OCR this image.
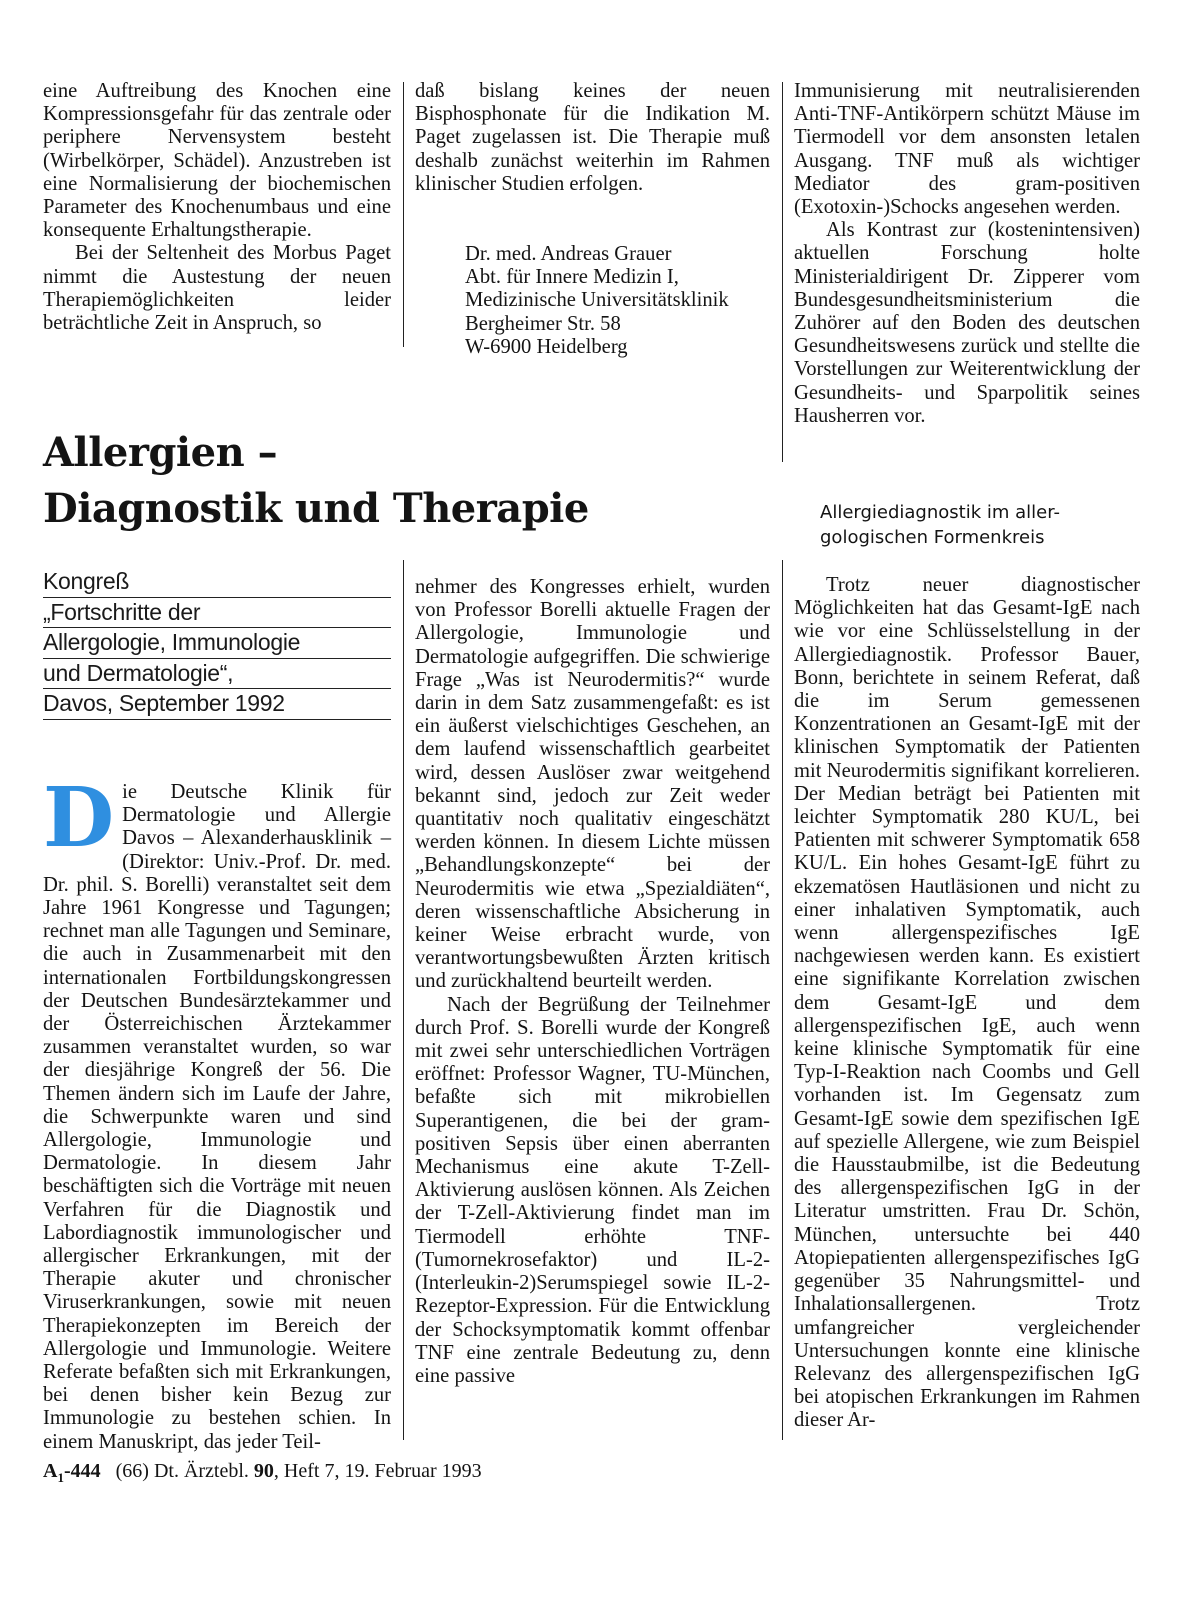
eine Auftreibung des Knochen eine Kompressionsgefahr für das zentrale oder periphere Nervensystem besteht (Wirbelkörper, Schädel). Anzustreben ist eine Normalisierung der biochemischen Parameter des Knochenumbaus und eine konsequente Erhaltungstherapie.

Bei der Seltenheit des Morbus Paget nimmt die Austestung der neuen Therapiemöglichkeiten leider beträchtliche Zeit in Anspruch, so

daß bislang keines der neuen Bisphosphonate für die Indikation M. Paget zugelassen ist. Die Therapie muß deshalb zunächst weiterhin im Rahmen klinischer Studien erfolgen.

Dr. med. Andreas Grauer
Abt. für Innere Medizin I,
Medizinische Universitätsklinik
Bergheimer Str. 58
W-6900 Heidelberg

Immunisierung mit neutralisierenden Anti-TNF-Antikörpern schützt Mäuse im Tiermodell vor dem ansonsten letalen Ausgang. TNF muß als wichtiger Mediator des gram-positiven (Exotoxin-)Schocks angesehen werden.

Als Kontrast zur (kostenintensiven) aktuellen Forschung holte Ministerialdirigent Dr. Zipperer vom Bundesgesundheitsministerium die Zuhörer auf den Boden des deutschen Gesundheitswesens zurück und stellte die Vorstellungen zur Weiterentwicklung der Gesundheits- und Sparpolitik seines Hausherren vor.

Allergien –
Diagnostik und Therapie
Kongreß
„Fortschritte der
Allergologie, Immunologie
und Dermatologie“,
Davos, September 1992

Die Deutsche Klinik für Dermatologie und Allergie Davos – Alexanderhausklinik – (Direktor: Univ.-Prof. Dr. med. Dr. phil. S. Borelli) veranstaltet seit dem Jahre 1961 Kongresse und Tagungen; rechnet man alle Tagungen und Seminare, die auch in Zusammenarbeit mit den internationalen Fortbildungskongressen der Deutschen Bundesärztekammer und der Österreichischen Ärztekammer zusammen veranstaltet wurden, so war der diesjährige Kongreß der 56. Die Themen ändern sich im Laufe der Jahre, die Schwerpunkte waren und sind Allergologie, Immunologie und Dermatologie. In diesem Jahr beschäftigten sich die Vorträge mit neuen Verfahren für die Diagnostik und Labordiagnostik immunologischer und allergischer Erkrankungen, mit der Therapie akuter und chronischer Viruserkrankungen, sowie mit neuen Therapiekonzepten im Bereich der Allergologie und Immunologie. Weitere Referate befaßten sich mit Erkrankungen, bei denen bisher kein Bezug zur Immunologie zu bestehen schien. In einem Manuskript, das jeder Teil-

nehmer des Kongresses erhielt, wurden von Professor Borelli aktuelle Fragen der Allergologie, Immunologie und Dermatologie aufgegriffen. Die schwierige Frage „Was ist Neurodermitis?“ wurde darin in dem Satz zusammengefaßt: es ist ein äußerst vielschichtiges Geschehen, an dem laufend wissenschaftlich gearbeitet wird, dessen Auslöser zwar weitgehend bekannt sind, jedoch zur Zeit weder quantitativ noch qualitativ eingeschätzt werden können. In diesem Lichte müssen „Behandlungskonzepte“ bei der Neurodermitis wie etwa „Spezialdiäten“, deren wissenschaftliche Absicherung in keiner Weise erbracht wurde, von verantwortungsbewußten Ärzten kritisch und zurückhaltend beurteilt werden.

Nach der Begrüßung der Teilnehmer durch Prof. S. Borelli wurde der Kongreß mit zwei sehr unterschiedlichen Vorträgen eröffnet: Professor Wagner, TU-München, befaßte sich mit mikrobiellen Superantigenen, die bei der gram-positiven Sepsis über einen aberranten Mechanismus eine akute T-Zell-Aktivierung auslösen können. Als Zeichen der T-Zell-Aktivierung findet man im Tiermodell erhöhte TNF-(Tumornekrosefaktor) und IL-2-(Interleukin-2)Serumspiegel sowie IL-2-Rezeptor-Expression. Für die Entwicklung der Schocksymptomatik kommt offenbar TNF eine zentrale Bedeutung zu, denn eine passive

Allergiediagnostik im aller-
gologischen Formenkreis

Trotz neuer diagnostischer Möglichkeiten hat das Gesamt-IgE nach wie vor eine Schlüsselstellung in der Allergiediagnostik. Professor Bauer, Bonn, berichtete in seinem Referat, daß die im Serum gemessenen Konzentrationen an Gesamt-IgE mit der klinischen Symptomatik der Patienten mit Neurodermitis signifikant korrelieren. Der Median beträgt bei Patienten mit leichter Symptomatik 280 KU/L, bei Patienten mit schwerer Symptomatik 658 KU/L. Ein hohes Gesamt-IgE führt zu ekzematösen Hautläsionen und nicht zu einer inhalativen Symptomatik, auch wenn allergenspezifisches IgE nachgewiesen werden kann. Es existiert eine signifikante Korrelation zwischen dem Gesamt-IgE und dem allergenspezifischen IgE, auch wenn keine klinische Symptomatik für eine Typ-I-Reaktion nach Coombs und Gell vorhanden ist. Im Gegensatz zum Gesamt-IgE sowie dem spezifischen IgE auf spezielle Allergene, wie zum Beispiel die Hausstaubmilbe, ist die Bedeutung des allergenspezifischen IgG in der Literatur umstritten. Frau Dr. Schön, München, untersuchte bei 440 Atopiepatienten allergenspezifisches IgG gegenüber 35 Nahrungsmittel- und Inhalationsallergenen. Trotz umfangreicher vergleichender Untersuchungen konnte eine klinische Relevanz des allergenspezifischen IgG bei atopischen Erkrankungen im Rahmen dieser Ar-

$A_1-444$ (66) Dt. Ärztebl. 90, Heft 7, 19. Februar 1993
